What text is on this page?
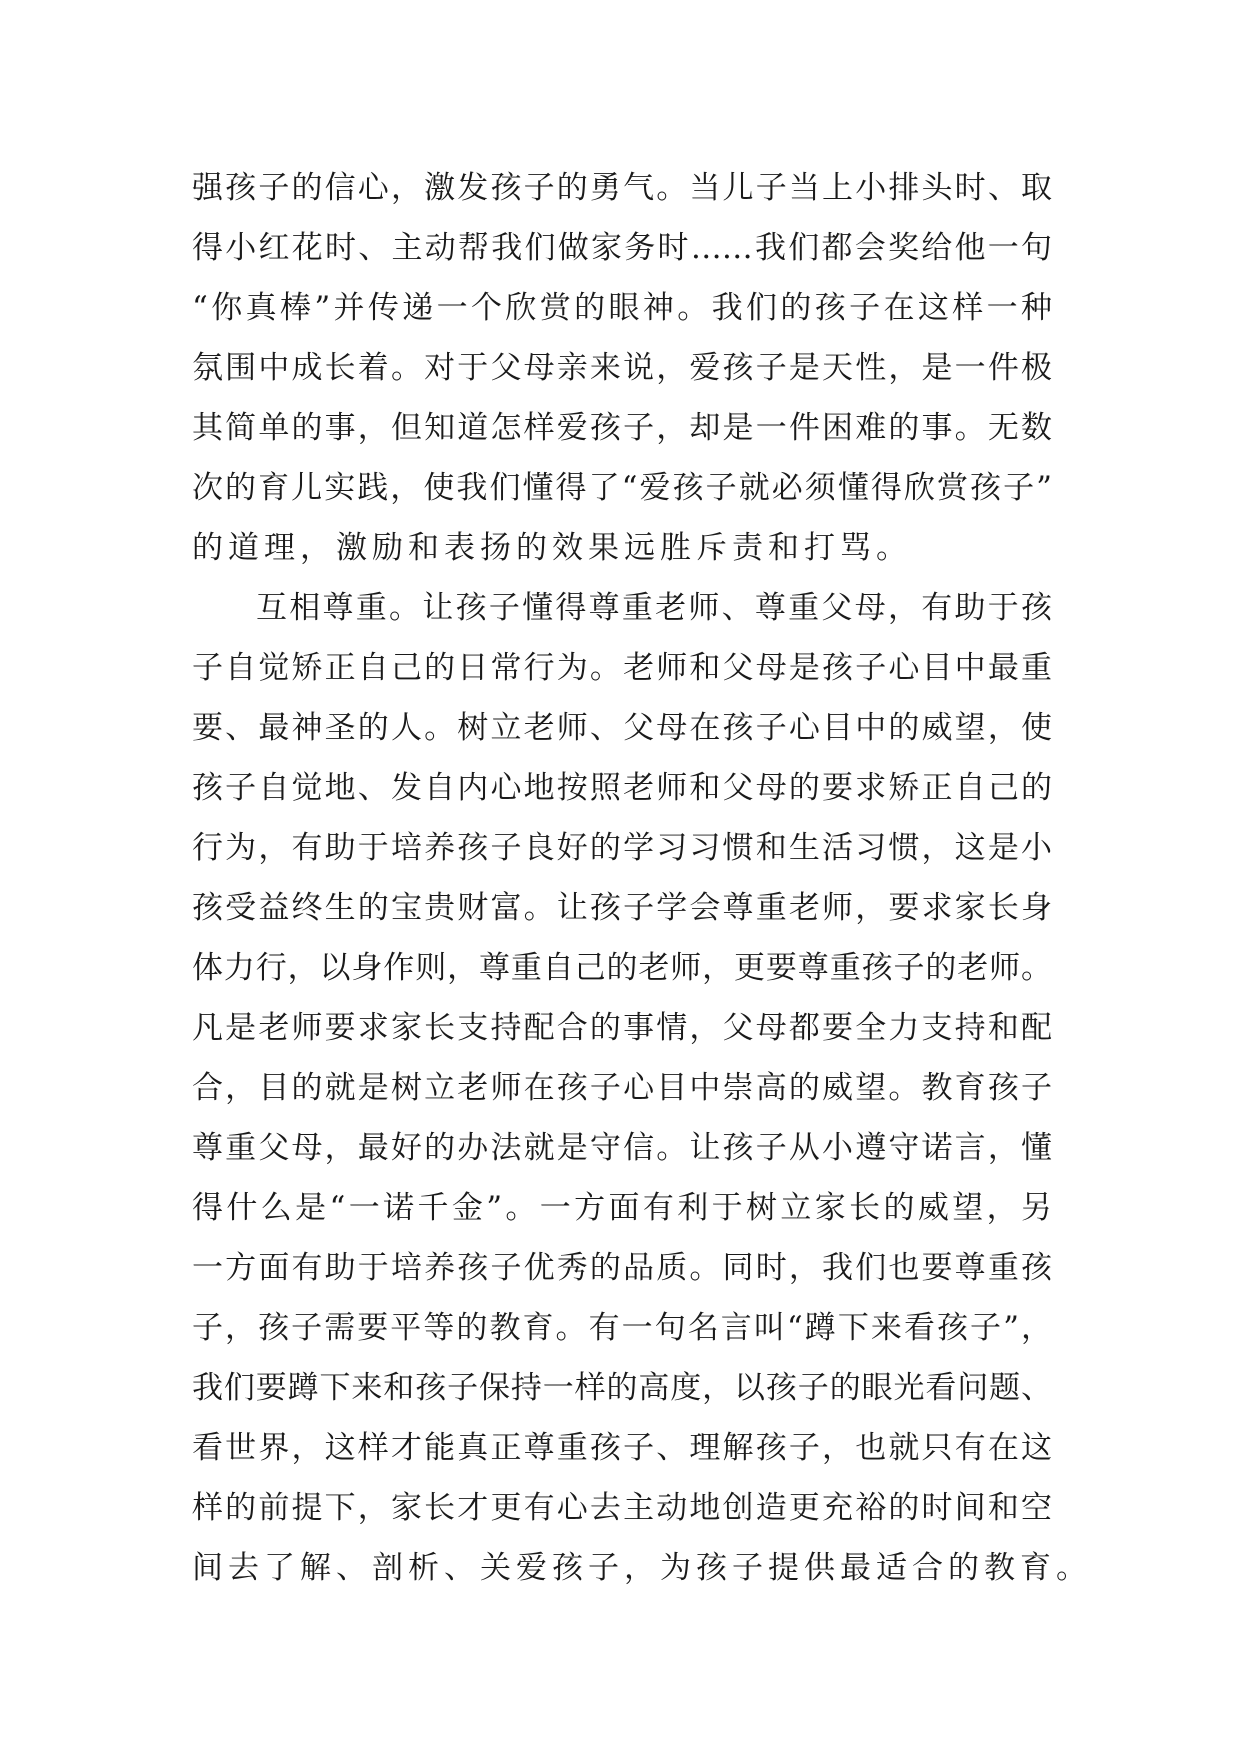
强孩子的信心，激发孩子的勇气。当儿子当上小排头时、取
得小红花时、主动帮我们做家务时……我们都会奖给他一句
“你真棒”并传递一个欣赏的眼神。我们的孩子在这样一种
氛围中成长着。对于父母亲来说，爱孩子是天性，是一件极
其简单的事，但知道怎样爱孩子，却是一件困难的事。无数
次的育儿实践，使我们懂得了“爱孩子就必须懂得欣赏孩子”
的道理，激励和表扬的效果远胜斥责和打骂。
互相尊重。让孩子懂得尊重老师、尊重父母，有助于孩
子自觉矫正自己的日常行为。老师和父母是孩子心目中最重
要、最神圣的人。树立老师、父母在孩子心目中的威望，使
孩子自觉地、发自内心地按照老师和父母的要求矫正自己的
行为，有助于培养孩子良好的学习习惯和生活习惯，这是小
孩受益终生的宝贵财富。让孩子学会尊重老师，要求家长身
体力行，以身作则，尊重自己的老师，更要尊重孩子的老师。
凡是老师要求家长支持配合的事情，父母都要全力支持和配
合，目的就是树立老师在孩子心目中崇高的威望。教育孩子
尊重父母，最好的办法就是守信。让孩子从小遵守诺言，懂
得什么是“一诺千金”。一方面有利于树立家长的威望，另
一方面有助于培养孩子优秀的品质。同时，我们也要尊重孩
子，孩子需要平等的教育。有一句名言叫“蹲下来看孩子”，
我们要蹲下来和孩子保持一样的高度，以孩子的眼光看问题、
看世界，这样才能真正尊重孩子、理解孩子，也就只有在这
样的前提下，家长才更有心去主动地创造更充裕的时间和空
间去了解、剖析、关爱孩子，为孩子提供最适合的教育。
